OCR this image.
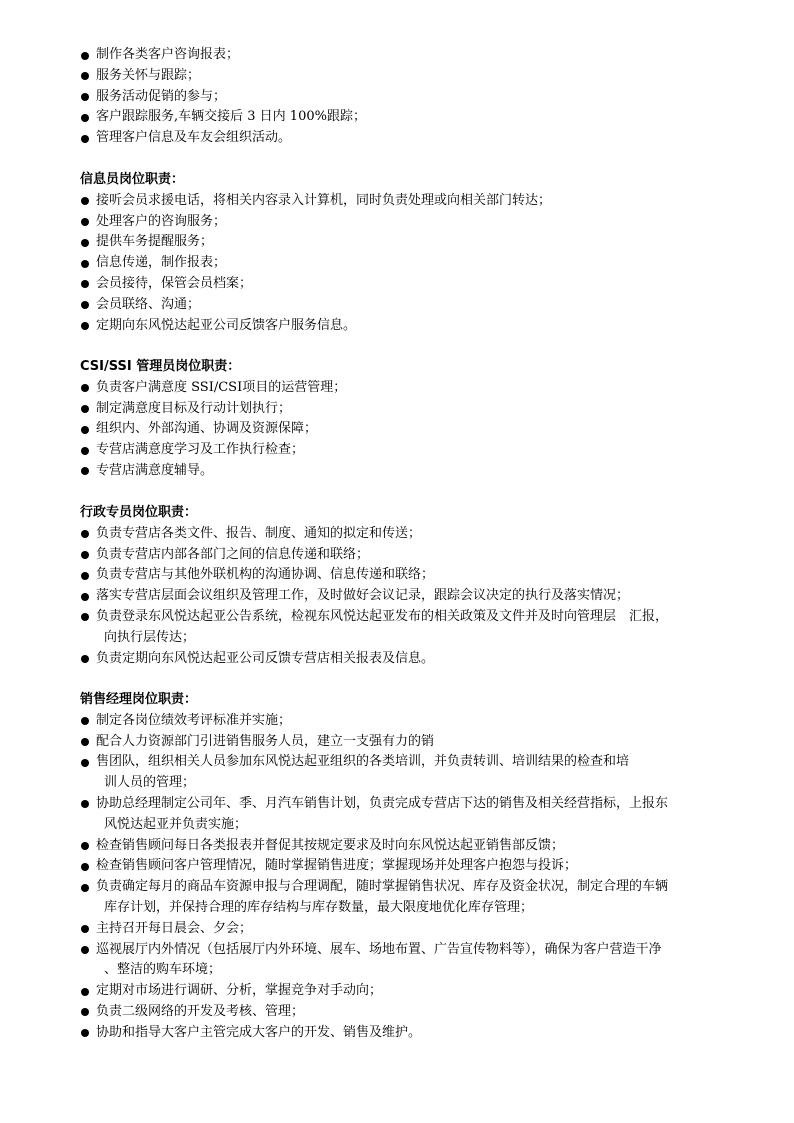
制作各类客户咨询报表；
服务关怀与跟踪；
服务活动促销的参与；
客户跟踪服务,车辆交接后 3 日内 100%跟踪；
管理客户信息及车友会组织活动。
信息员岗位职责：
接听会员求援电话，将相关内容录入计算机，同时负责处理或向相关部门转达；
处理客户的咨询服务；
提供车务提醒服务；
信息传递，制作报表；
会员接待，保管会员档案；
会员联络、沟通；
定期向东风悦达起亚公司反馈客户服务信息。
CSI/SSI 管理员岗位职责：
负责客户满意度 SSI/CSI项目的运营管理；
制定满意度目标及行动计划执行；
组织内、外部沟通、协调及资源保障；
专营店满意度学习及工作执行检查；
专营店满意度辅导。
行政专员岗位职责：
负责专营店各类文件、报告、制度、通知的拟定和传送；
负责专营店内部各部门之间的信息传递和联络；
负责专营店与其他外联机构的沟通协调、信息传递和联络；
落实专营店层面会议组织及管理工作，及时做好会议记录，跟踪会议决定的执行及落实情况；
负责登录东风悦达起亚公告系统，检视东风悦达起亚发布的相关政策及文件并及时向管理层　汇报，
向执行层传达；
负责定期向东风悦达起亚公司反馈专营店相关报表及信息。
销售经理岗位职责：
制定各岗位绩效考评标准并实施；
配合人力资源部门引进销售服务人员，建立一支强有力的销
售团队，组织相关人员参加东风悦达起亚组织的各类培训，并负责转训、培训结果的检查和培
训人员的管理；
协助总经理制定公司年、季、月汽车销售计划，负责完成专营店下达的销售及相关经营指标，上报东
风悦达起亚并负责实施；
检查销售顾问每日各类报表并督促其按规定要求及时向东风悦达起亚销售部反馈；
检查销售顾问客户管理情况，随时掌握销售进度；掌握现场并处理客户抱怨与投诉；
负责确定每月的商品车资源申报与合理调配，随时掌握销售状况、库存及资金状况，制定合理的车辆
库存计划，并保持合理的库存结构与库存数量，最大限度地优化库存管理；
主持召开每日晨会、夕会；
巡视展厅内外情况（包括展厅内外环境、展车、场地布置、广告宣传物料等），确保为客户营造干净
、整洁的购车环境；
定期对市场进行调研、分析，掌握竞争对手动向；
负责二级网络的开发及考核、管理；
协助和指导大客户主管完成大客户的开发、销售及维护。
